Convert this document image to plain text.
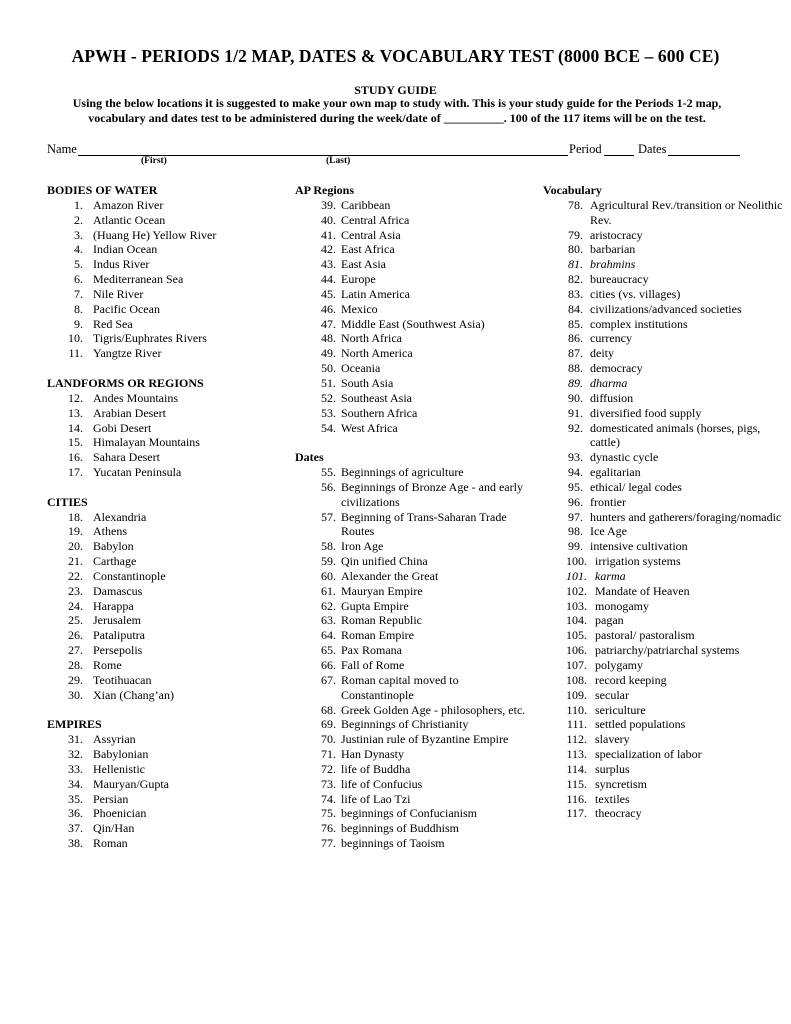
APWH - PERIODS 1/2 MAP, DATES & VOCABULARY TEST (8000 BCE – 600 CE)
STUDY GUIDE
Using the below locations it is suggested to make your own map to study with. This is your study guide for the Periods 1-2 map, vocabulary and dates test to be administered during the week/date of __________. 100 of the 117 items will be on the test.
Name	Period	Dates
(First)	(Last)
BODIES OF WATER
1. Amazon River
2. Atlantic Ocean
3. (Huang He) Yellow River
4. Indian Ocean
5. Indus River
6. Mediterranean Sea
7. Nile River
8. Pacific Ocean
9. Red Sea
10. Tigris/Euphrates Rivers
11. Yangtze River
LANDFORMS OR REGIONS
12. Andes Mountains
13. Arabian Desert
14. Gobi Desert
15. Himalayan Mountains
16. Sahara Desert
17. Yucatan Peninsula
CITIES
18. Alexandria
19. Athens
20. Babylon
21. Carthage
22. Constantinople
23. Damascus
24. Harappa
25. Jerusalem
26. Pataliputra
27. Persepolis
28. Rome
29. Teotihuacan
30. Xian (Chang’an)
EMPIRES
31. Assyrian
32. Babylonian
33. Hellenistic
34. Mauryan/Gupta
35. Persian
36. Phoenician
37. Qin/Han
38. Roman
AP Regions
39. Caribbean
40. Central Africa
41. Central Asia
42. East Africa
43. East Asia
44. Europe
45. Latin America
46. Mexico
47. Middle East (Southwest Asia)
48. North Africa
49. North America
50. Oceania
51. South Asia
52. Southeast Asia
53. Southern Africa
54. West Africa
Dates
55. Beginnings of agriculture
56. Beginnings of Bronze Age - and early civilizations
57. Beginning of Trans-Saharan Trade Routes
58. Iron Age
59. Qin unified China
60. Alexander the Great
61. Mauryan Empire
62. Gupta Empire
63. Roman Republic
64. Roman Empire
65. Pax Romana
66. Fall of Rome
67. Roman capital moved to Constantinople
68. Greek Golden Age - philosophers, etc.
69. Beginnings of Christianity
70. Justinian rule of Byzantine Empire
71. Han Dynasty
72. life of Buddha
73. life of Confucius
74. life of Lao Tzi
75. beginnings of Confucianism
76. beginnings of Buddhism
77. beginnings of Taoism
Vocabulary
78. Agricultural Rev./transition or Neolithic Rev.
79. aristocracy
80. barbarian
81. brahmins
82. bureaucracy
83. cities (vs. villages)
84. civilizations/advanced societies
85. complex institutions
86. currency
87. deity
88. democracy
89. dharma
90. diffusion
91. diversified food supply
92. domesticated animals (horses, pigs, cattle)
93. dynastic cycle
94. egalitarian
95. ethical/ legal codes
96. frontier
97. hunters and gatherers/foraging/nomadic
98. Ice Age
99. intensive cultivation
100. irrigation systems
101. karma
102. Mandate of Heaven
103. monogamy
104. pagan
105. pastoral/ pastoralism
106. patriarchy/patriarchal systems
107. polygamy
108. record keeping
109. secular
110. sericulture
111. settled populations
112. slavery
113. specialization of labor
114. surplus
115. syncretism
116. textiles
117. theocracy
